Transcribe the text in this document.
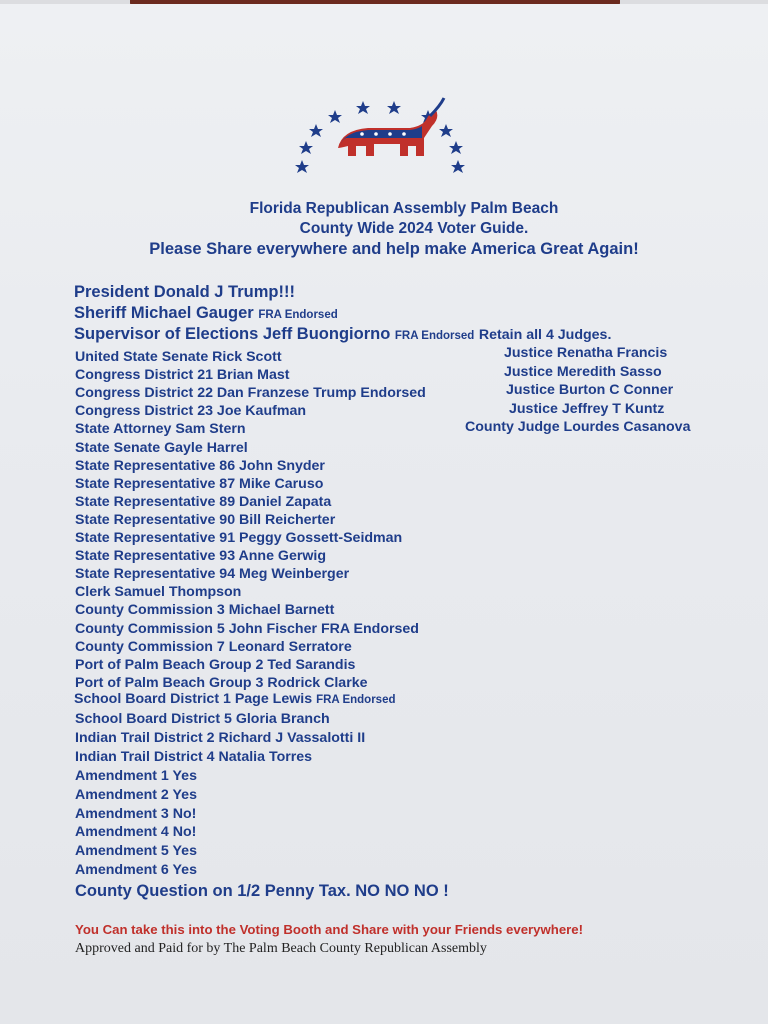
Florida Republican Assembly Palm Beach
County Wide 2024 Voter Guide.
Please Share everywhere and help make America Great Again!
President Donald J Trump!!!
Sheriff Michael Gauger FRA Endorsed
Supervisor of Elections Jeff Buongiorno FRA Endorsed Retain all 4 Judges.
United State Senate Rick Scott
Congress District 21 Brian Mast
Congress District 22 Dan Franzese Trump Endorsed
Congress District 23 Joe Kaufman
State Attorney Sam Stern
State Senate Gayle Harrel
State Representative 86 John Snyder
State Representative 87 Mike Caruso
State Representative 89 Daniel Zapata
State Representative 90 Bill Reicherter
State Representative 91 Peggy Gossett-Seidman
State Representative 93 Anne Gerwig
State Representative 94 Meg Weinberger
Clerk Samuel Thompson
County Commission 3 Michael Barnett
County Commission 5 John Fischer FRA Endorsed
County Commission 7 Leonard Serratore
Port of Palm Beach Group 2 Ted Sarandis
Port of Palm Beach Group 3 Rodrick Clarke
School Board District 1 Page Lewis FRA Endorsed
School Board District 5 Gloria Branch
Indian Trail District 2 Richard J Vassalotti II
Indian Trail District 4 Natalia Torres
Amendment 1 Yes
Amendment 2 Yes
Amendment 3 No!
Amendment 4 No!
Amendment 5 Yes
Amendment 6 Yes
County Question on 1/2 Penny Tax. NO NO NO !
Justice Renatha Francis
Justice Meredith Sasso
Justice Burton C Conner
Justice Jeffrey T Kuntz
County Judge Lourdes Casanova
You Can take this into the Voting Booth and Share with your Friends everywhere!
Approved and Paid for by The Palm Beach County Republican Assembly
